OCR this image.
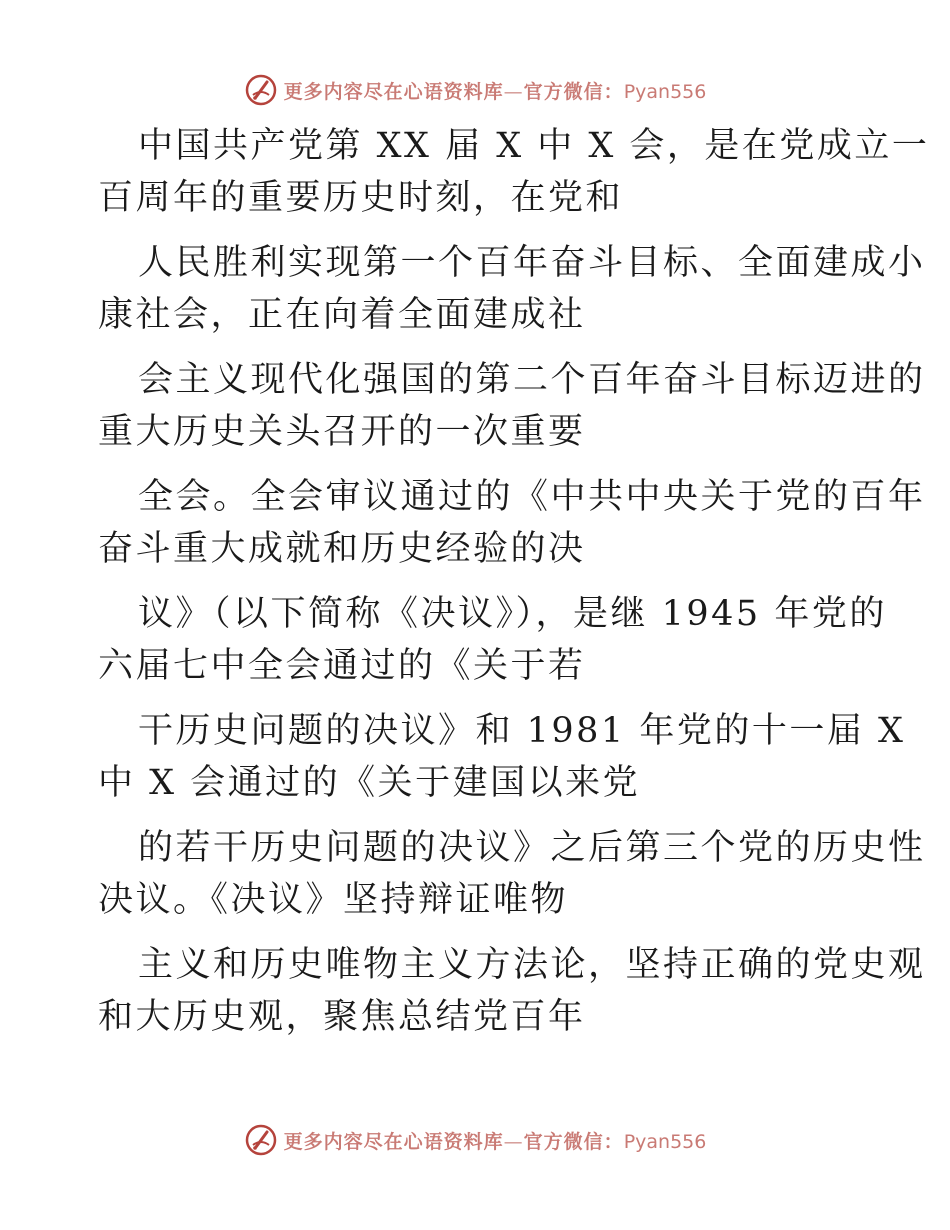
更多内容尽在心语资料库—官方微信：Pyan556
中国共产党第 XX 届 X 中 X 会，是在党成立一
百周年的重要历史时刻，在党和
人民胜利实现第一个百年奋斗目标、全面建成小
康社会，正在向着全面建成社
会主义现代化强国的第二个百年奋斗目标迈进的
重大历史关头召开的一次重要
全会。全会审议通过的《中共中央关于党的百年
奋斗重大成就和历史经验的决
议》（以下简称《决议》），是继 1945 年党的
六届七中全会通过的《关于若
干历史问题的决议》和 1981 年党的十一届 X
中 X 会通过的《关于建国以来党
的若干历史问题的决议》之后第三个党的历史性
决议。《决议》坚持辩证唯物
主义和历史唯物主义方法论，坚持正确的党史观
和大历史观，聚焦总结党百年
更多内容尽在心语资料库—官方微信：Pyan556
